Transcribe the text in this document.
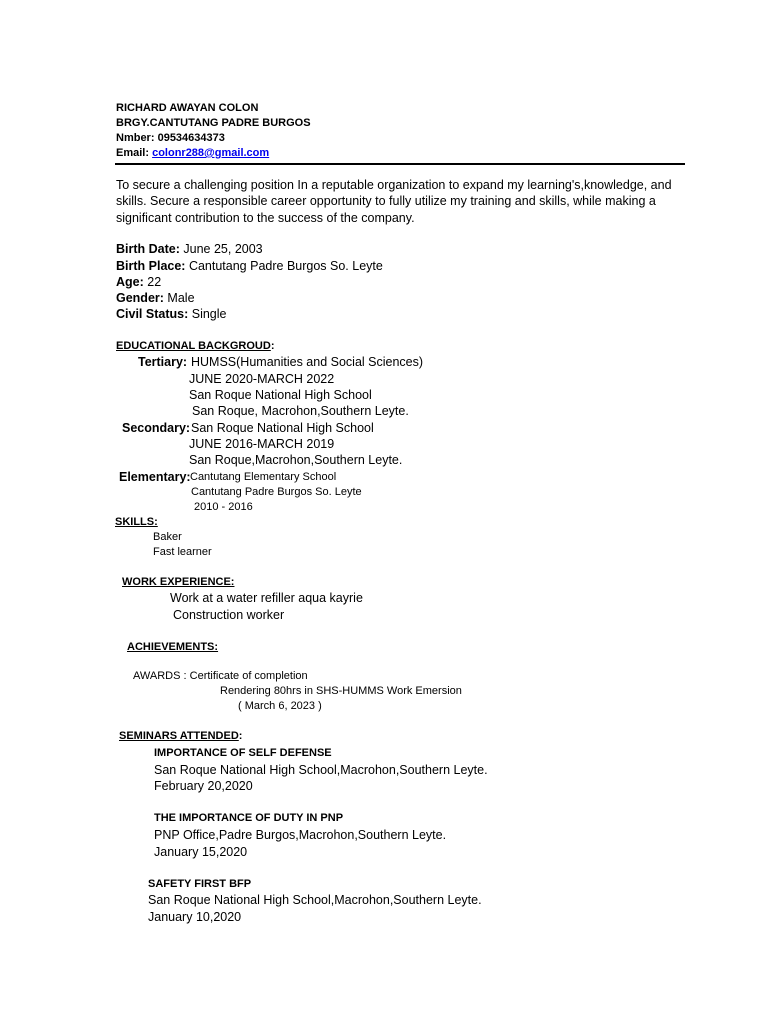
RICHARD AWAYAN COLON
BRGY.CANTUTANG PADRE BURGOS
Nmber: 09534634373
Email: colonr288@gmail.com
To secure a challenging position In a reputable organization to expand my learning's,knowledge, and skills. Secure a responsible career opportunity to fully utilize my training and skills, while making a significant contribution to the success of the company.
Birth Date: June 25, 2003
Birth Place: Cantutang Padre Burgos So. Leyte
Age: 22
Gender: Male
Civil Status: Single
EDUCATIONAL BACKGROUD:
Tertiary: HUMSS(Humanities and Social Sciences)
JUNE 2020-MARCH 2022
San Roque National High School
San Roque, Macrohon,Southern Leyte.
Secondary: San Roque National High School
JUNE 2016-MARCH 2019
San Roque,Macrohon,Southern Leyte.
Elementary: Cantutang Elementary School
Cantutang Padre Burgos So. Leyte
2010 - 2016
SKILLS:
Baker
Fast learner
WORK EXPERIENCE:
Work at a water refiller aqua kayrie
Construction worker
ACHIEVEMENTS:
AWARDS : Certificate of completion
Rendering 80hrs in SHS-HUMMS Work Emersion
( March 6, 2023 )
SEMINARS ATTENDED:
IMPORTANCE OF SELF DEFENSE
San Roque National High School,Macrohon,Southern Leyte.
February 20,2020
THE IMPORTANCE OF DUTY IN PNP
PNP Office,Padre Burgos,Macrohon,Southern Leyte.
January 15,2020
SAFETY FIRST BFP
San Roque National High School,Macrohon,Southern Leyte.
January 10,2020
